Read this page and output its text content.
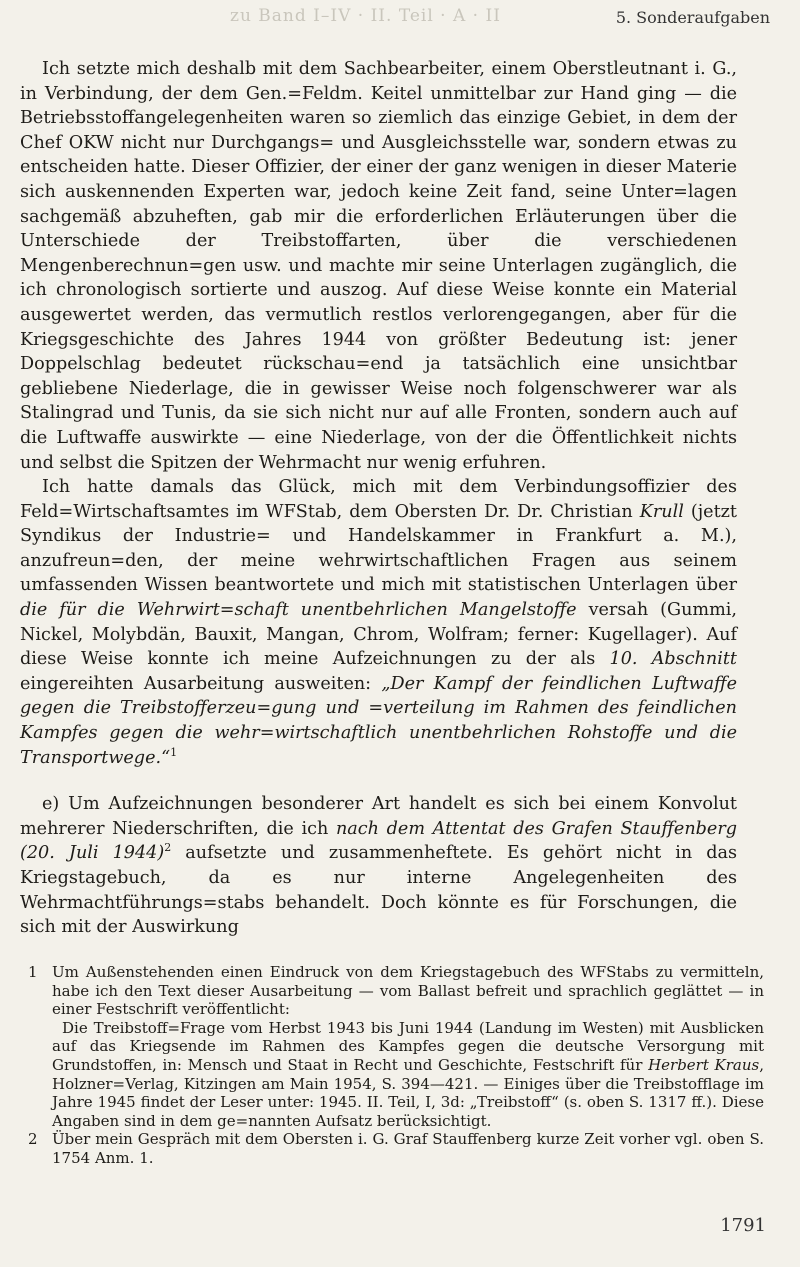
zu Band I–IV · II. Teil · A · II	5. Sonderaufgaben

Ich setzte mich deshalb mit dem Sachbearbeiter, einem Oberstleutnant i. G., in Verbindung, der dem Gen.=Feldm. Keitel unmittelbar zur Hand ging — die Betriebsstoffangelegenheiten waren so ziemlich das einzige Gebiet, in dem der Chef OKW nicht nur Durchgangs= und Ausgleichsstelle war, sondern etwas zu entscheiden hatte. Dieser Offizier, der einer der ganz wenigen in dieser Materie sich auskennenden Experten war, jedoch keine Zeit fand, seine Unter=lagen sachgemäß abzuheften, gab mir die erforderlichen Erläuterungen über die Unterschiede der Treibstoffarten, über die verschiedenen Mengenberechnun=gen usw. und machte mir seine Unterlagen zugänglich, die ich chronologisch sortierte und auszog. Auf diese Weise konnte ein Material ausgewertet werden, das vermutlich restlos verlorengegangen, aber für die Kriegsgeschichte des Jahres 1944 von größter Bedeutung ist: jener Doppelschlag bedeutet rückschau=end ja tatsächlich eine unsichtbar gebliebene Niederlage, die in gewisser Weise noch folgenschwerer war als Stalingrad und Tunis, da sie sich nicht nur auf alle Fronten, sondern auch auf die Luftwaffe auswirkte — eine Niederlage, von der die Öffentlichkeit nichts und selbst die Spitzen der Wehrmacht nur wenig erfuhren.

Ich hatte damals das Glück, mich mit dem Verbindungsoffizier des Feld=Wirtschaftsamtes im WFStab, dem Obersten Dr. Dr. Christian Krull (jetzt Syndikus der Industrie= und Handelskammer in Frankfurt a. M.), anzufreun=den, der meine wehrwirtschaftlichen Fragen aus seinem umfassenden Wissen beantwortete und mich mit statistischen Unterlagen über die für die Wehrwirt=schaft unentbehrlichen Mangelstoffe versah (Gummi, Nickel, Molybdän, Bauxit, Mangan, Chrom, Wolfram; ferner: Kugellager). Auf diese Weise konnte ich meine Aufzeichnungen zu der als 10. Abschnitt eingereihten Ausarbeitung ausweiten: „Der Kampf der feindlichen Luftwaffe gegen die Treibstofferzeu=gung und =verteilung im Rahmen des feindlichen Kampfes gegen die wehr=wirtschaftlich unentbehrlichen Rohstoffe und die Transportwege.“$^1$

e) Um Aufzeichnungen besonderer Art handelt es sich bei einem Konvolut mehrerer Niederschriften, die ich nach dem Attentat des Grafen Stauffenberg (20. Juli 1944)$^2$ aufsetzte und zusammenheftete. Es gehört nicht in das Kriegstagebuch, da es nur interne Angelegenheiten des Wehrmachtführungs=stabs behandelt. Doch könnte es für Forschungen, die sich mit der Auswirkung

1 Um Außenstehenden einen Eindruck von dem Kriegstagebuch des WFStabs zu vermitteln, habe ich den Text dieser Ausarbeitung — vom Ballast befreit und sprachlich geglättet — in einer Festschrift veröffentlicht:
Die Treibstoff=Frage vom Herbst 1943 bis Juni 1944 (Landung im Westen) mit Ausblicken auf das Kriegsende im Rahmen des Kampfes gegen die deutsche Versorgung mit Grundstoffen, in: Mensch und Staat in Recht und Geschichte, Festschrift für Herbert Kraus, Holzner=Verlag, Kitzingen am Main 1954, S. 394—421. — Einiges über die Treibstofflage im Jahre 1945 findet der Leser unter: 1945. II. Teil, I, 3d: „Treibstoff“ (s. oben S. 1317 ff.). Diese Angaben sind in dem ge=nannten Aufsatz berücksichtigt.
2 Über mein Gespräch mit dem Obersten i. G. Graf Stauffenberg kurze Zeit vorher vgl. oben S. 1754 Anm. 1.
1791
